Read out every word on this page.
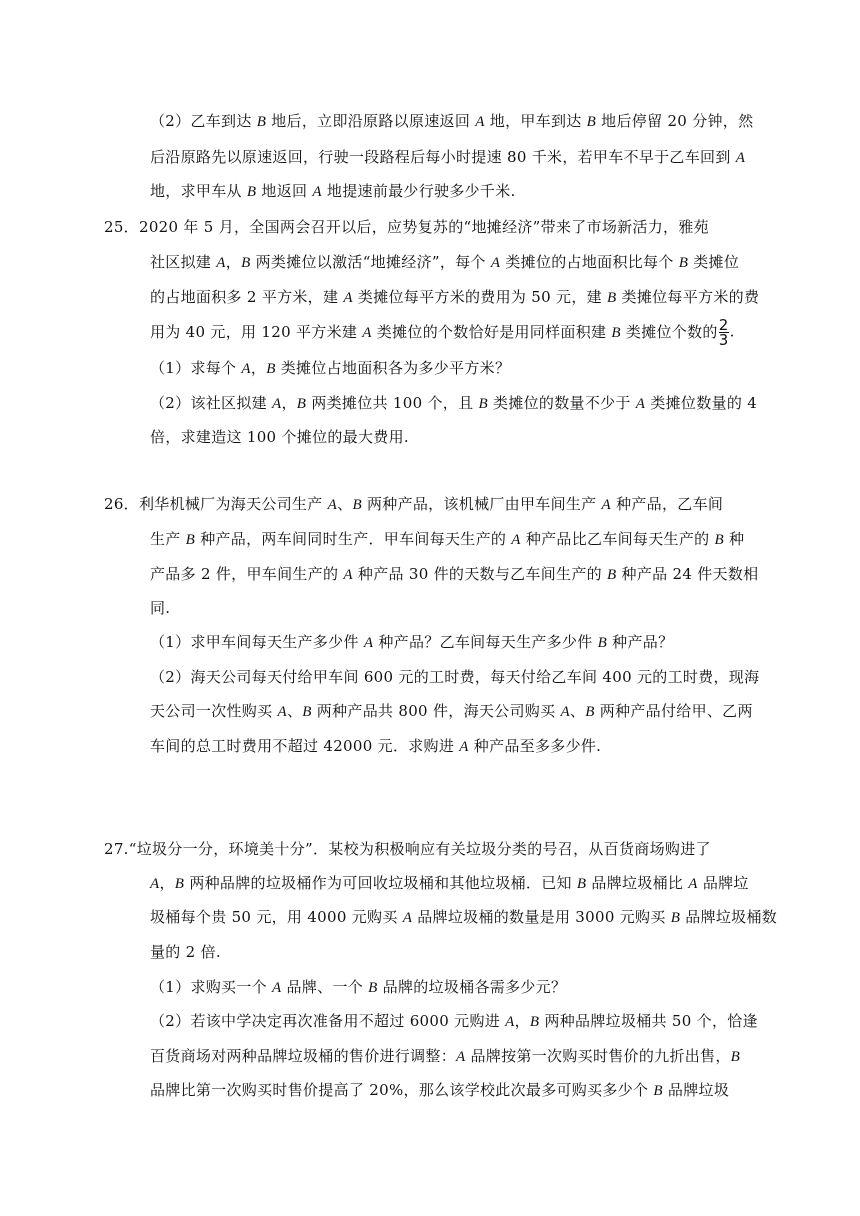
（2）乙车到达 B 地后，立即沿原路以原速返回 A 地，甲车到达 B 地后停留 20 分钟，然
后沿原路先以原速返回，行驶一段路程后每小时提速 80 千米，若甲车不早于乙车回到 A
地，求甲车从 B 地返回 A 地提速前最少行驶多少千米.
25．2020 年 5 月，全国两会召开以后，应势复苏的“地摊经济”带来了市场新活力，雅苑
社区拟建 A，B 两类摊位以激活“地摊经济”，每个 A 类摊位的占地面积比每个 B 类摊位
的占地面积多 2 平方米，建 A 类摊位每平方米的费用为 50 元，建 B 类摊位每平方米的费
用为 40 元，用 120 平方米建 A 类摊位的个数恰好是用同样面积建 B 类摊位个数的 $\frac{2}{3}$ .
（1）求每个 A，B 类摊位占地面积各为多少平方米？
（2）该社区拟建 A，B 两类摊位共 100 个，且 B 类摊位的数量不少于 A 类摊位数量的 4
倍，求建造这 100 个摊位的最大费用.
26．利华机械厂为海天公司生产 A、B 两种产品，该机械厂由甲车间生产 A 种产品，乙车间
生产 B 种产品，两车间同时生产．甲车间每天生产的 A 种产品比乙车间每天生产的 B 种
产品多 2 件，甲车间生产的 A 种产品 30 件的天数与乙车间生产的 B 种产品 24 件天数相
同.
（1）求甲车间每天生产多少件 A 种产品？乙车间每天生产多少件 B 种产品？
（2）海天公司每天付给甲车间 600 元的工时费，每天付给乙车间 400 元的工时费，现海
天公司一次性购买 A、B 两种产品共 800 件，海天公司购买 A、B 两种产品付给甲、乙两
车间的总工时费用不超过 42000 元．求购进 A 种产品至多多少件.
27.“垃圾分一分，环境美十分”．某校为积极响应有关垃圾分类的号召，从百货商场购进了
A，B 两种品牌的垃圾桶作为可回收垃圾桶和其他垃圾桶．已知 B 品牌垃圾桶比 A 品牌垃
圾桶每个贵 50 元，用 4000 元购买 A 品牌垃圾桶的数量是用 3000 元购买 B 品牌垃圾桶数
量的 2 倍.
（1）求购买一个 A 品牌、一个 B 品牌的垃圾桶各需多少元？
（2）若该中学决定再次准备用不超过 6000 元购进 A，B 两种品牌垃圾桶共 50 个，恰逢
百货商场对两种品牌垃圾桶的售价进行调整：A 品牌按第一次购买时售价的九折出售，B
品牌比第一次购买时售价提高了 20%，那么该学校此次最多可购买多少个 B 品牌垃圾
